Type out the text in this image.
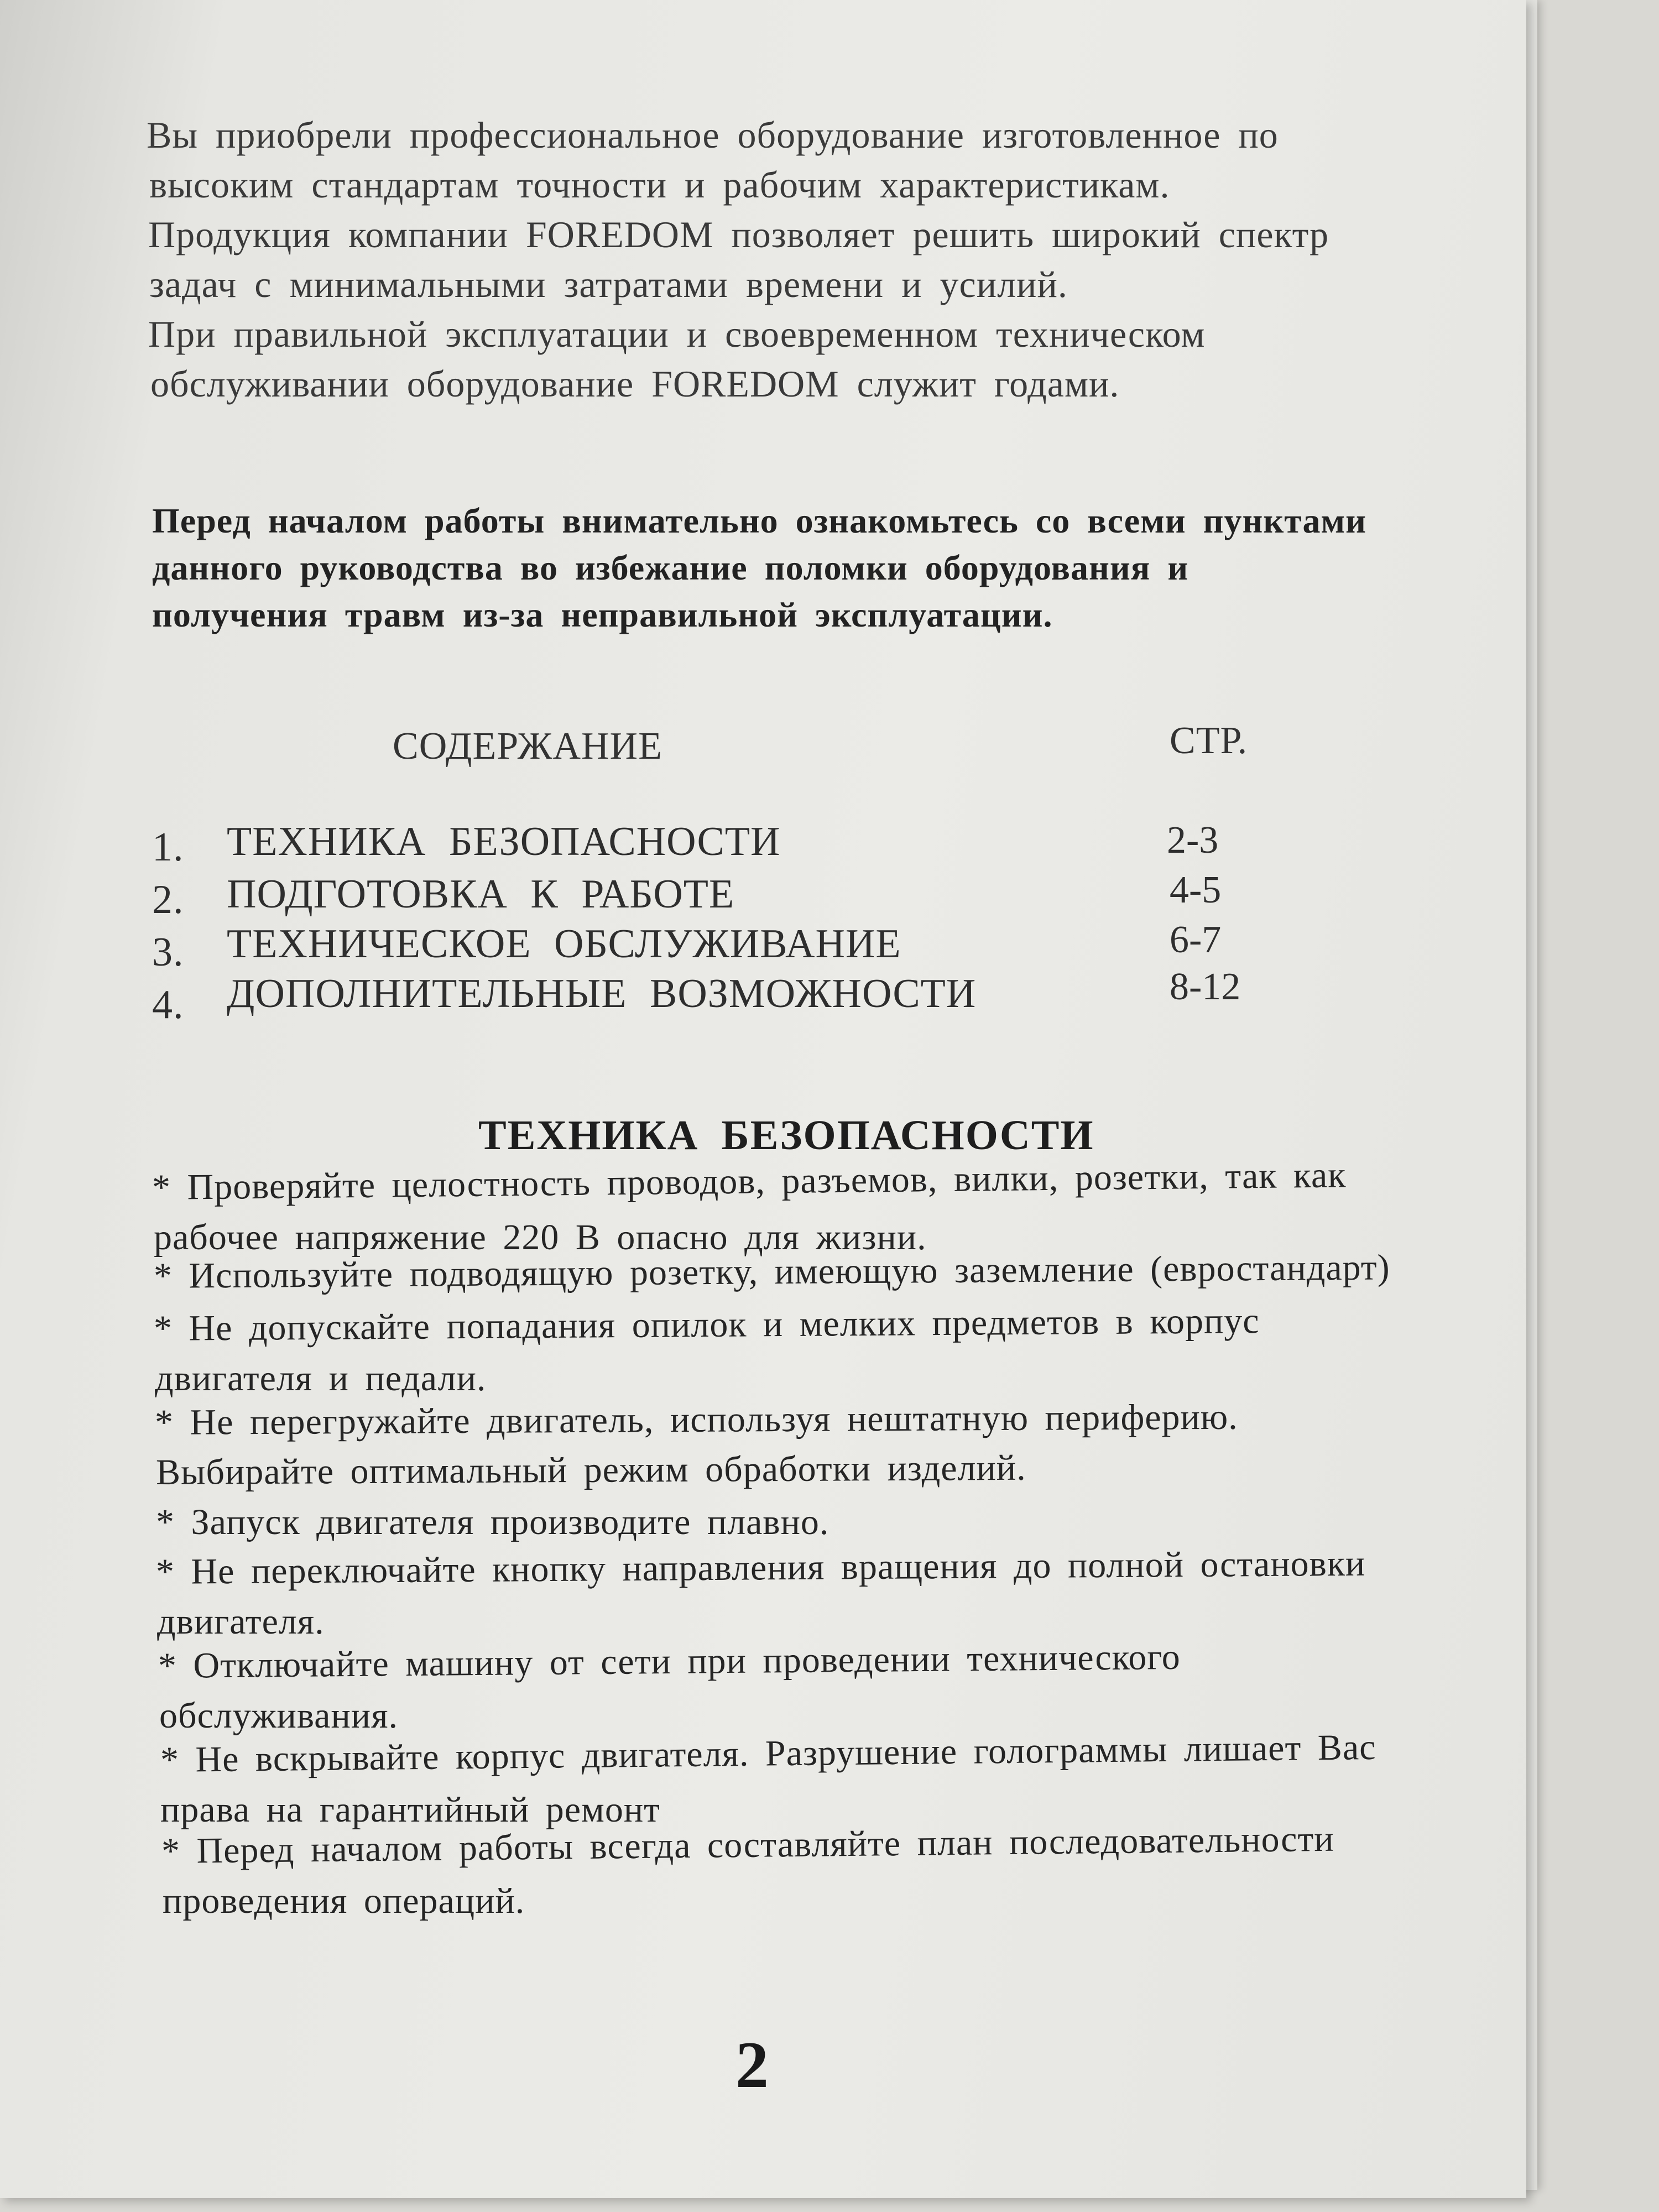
Вы приобрели профессиональное оборудование изготовленное по
высоким стандартам точности и рабочим характеристикам.
Продукция компании FOREDOM позволяет решить широкий спектр
задач с минимальными затратами времени и усилий.
При правильной эксплуатации и своевременном техническом
обслуживании оборудование FOREDOM служит годами.
Перед началом работы внимательно ознакомьтесь со всеми пунктами
данного руководства во избежание поломки оборудования и
получения травм из-за неправильной эксплуатации.
СОДЕРЖАНИЕ	СТР.
1. ТЕХНИКА БЕЗОПАСНОСТИ	2-3
2. ПОДГОТОВКА К РАБОТЕ	4-5
3. ТЕХНИЧЕСКОЕ ОБСЛУЖИВАНИЕ	6-7
4. ДОПОЛНИТЕЛЬНЫЕ ВОЗМОЖНОСТИ	8-12
ТЕХНИКА БЕЗОПАСНОСТИ
* Проверяйте целостность проводов, разъемов, вилки, розетки, так как
рабочее напряжение 220 В опасно для жизни.
* Используйте подводящую розетку, имеющую заземление (евростандарт)
* Не допускайте попадания опилок и мелких предметов в корпус
двигателя и педали.
* Не перегружайте двигатель, используя нештатную периферию.
Выбирайте оптимальный режим обработки изделий.
* Запуск двигателя производите плавно.
* Не переключайте кнопку направления вращения до полной остановки
двигателя.
* Отключайте машину от сети при проведении технического
обслуживания.
* Не вскрывайте корпус двигателя. Разрушение голограммы лишает Вас
права на гарантийный ремонт
* Перед началом работы всегда составляйте план последовательности
проведения операций.
2
